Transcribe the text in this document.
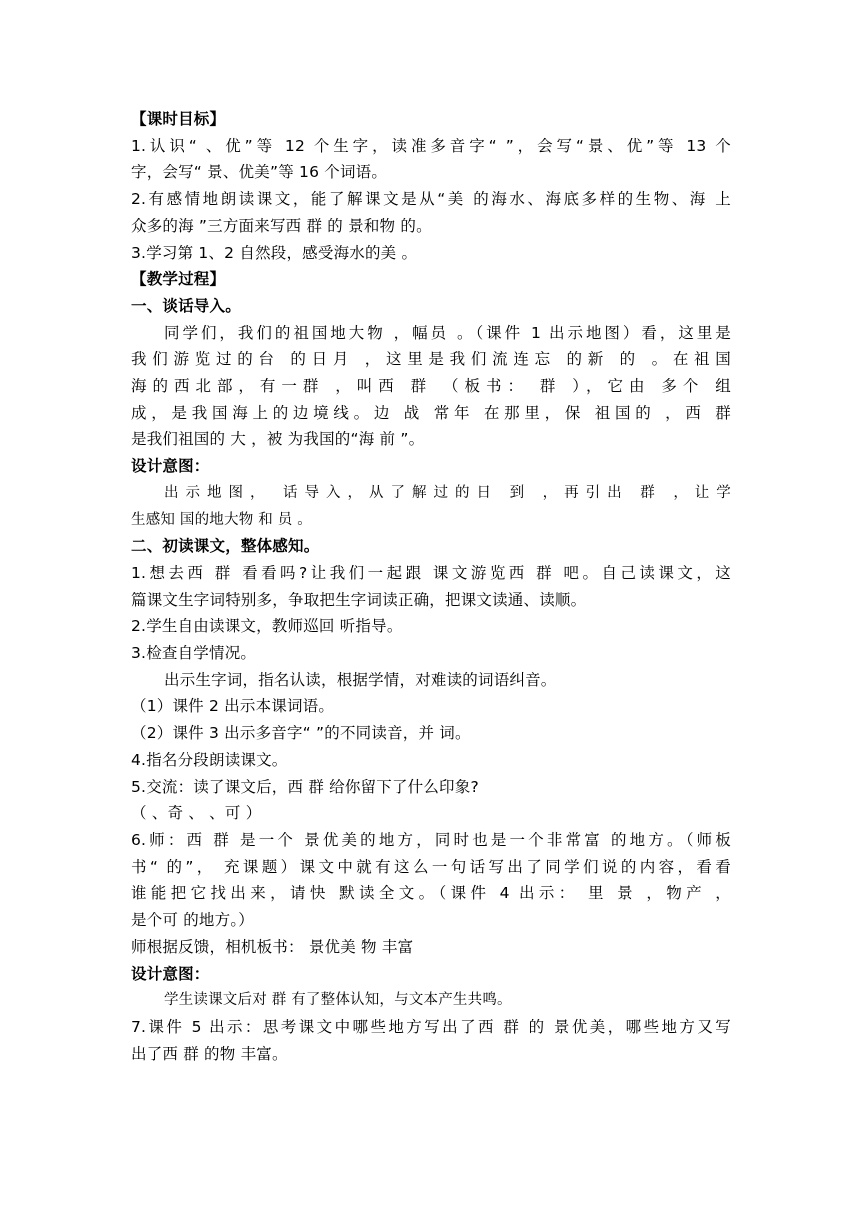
【课时目标】
1.认识“ 、优”等 12 个生字，读准多音字“ ”，会写“景、优”等 13 个
字，会写“ 景、优美”等 16 个词语。
2.有感情地朗读课文，能了解课文是从“美 的海水、海底多样的生物、海 上
众多的海 ”三方面来写西 群 的 景和物 的。
3.学习第 1、2 自然段，感受海水的美 。
【教学过程】
一、谈话导入。
同学们，我们的祖国地大物 ，幅员 。（课件 1 出示地图）看，这里是
我们游览过的台 的日月 ，这里是我们流连忘 的新 的 。在祖国
海的西北部，有一群 ，叫西 群 （板书： 群 ），它由 多个 组
成，是我国海上的边境线。边 战 常年 在那里，保 祖国的 ，西 群
是我们祖国的 大 ，被 为我国的“海 前 ”。
设计意图：
出示地图， 话导入，从了解过的日 到 ，再引出 群 ，让学
生感知 国的地大物 和 员 。
二、初读课文，整体感知。
1.想去西 群 看看吗?让我们一起跟 课文游览西 群 吧。自己读课文，这
篇课文生字词特别多，争取把生字词读正确，把课文读通、读顺。
2.学生自由读课文，教师巡回 听指导。
3.检查自学情况。
出示生字词，指名认读，根据学情，对难读的词语纠音。
（1）课件 2 出示本课词语。
（2）课件 3 出示多音字“ ”的不同读音，并 词。
4.指名分段朗读课文。
5.交流：读了课文后，西 群 给你留下了什么印象?
（ 、奇 、 、可 ）
6.师：西 群 是一个 景优美的地方，同时也是一个非常富 的地方。（师板
书“ 的”， 充课题）课文中就有这么一句话写出了同学们说的内容，看看
谁能把它找出来，请快 默读全文。（课件 4 出示： 里 景 ，物产 ，
是个可 的地方。）
师根据反馈，相机板书： 景优美 物 丰富
设计意图：
学生读课文后对 群 有了整体认知，与文本产生共鸣。
7.课件 5 出示：思考课文中哪些地方写出了西 群 的 景优美，哪些地方又写
出了西 群 的物 丰富。
